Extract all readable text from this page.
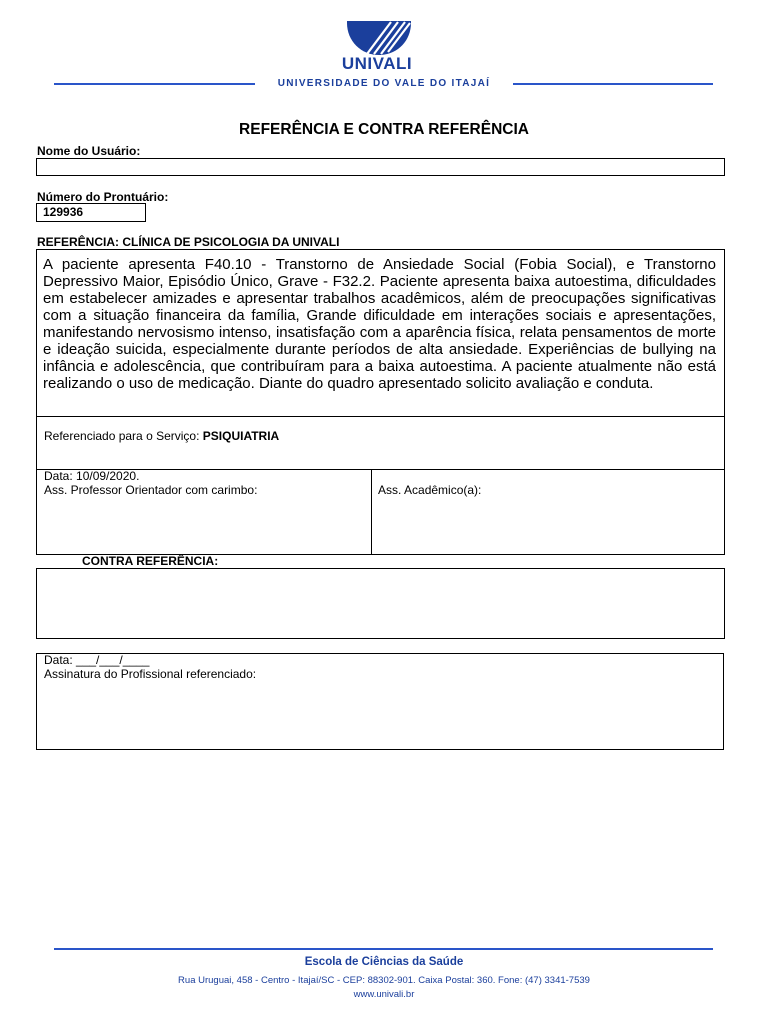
UNIVALI
UNIVERSIDADE DO VALE DO ITAJAÍ
REFERÊNCIA E CONTRA REFERÊNCIA
Nome do Usuário:
Número do Prontuário:
129936
REFERÊNCIA: CLÍNICA DE PSICOLOGIA DA UNIVALI
A paciente apresenta F40.10 - Transtorno de Ansiedade Social (Fobia Social), e Transtorno Depressivo Maior, Episódio Único, Grave - F32.2. Paciente apresenta baixa autoestima, dificuldades em estabelecer amizades e apresentar trabalhos acadêmicos, além de preocupações significativas com a situação financeira da família, Grande dificuldade em interações sociais e apresentações, manifestando nervosismo intenso, insatisfação com a aparência física, relata pensamentos de morte e ideação suicida, especialmente durante períodos de alta ansiedade. Experiências de bullying na infância e adolescência, que contribuíram para a baixa autoestima. A paciente atualmente não está realizando o uso de medicação. Diante do quadro apresentado solicito avaliação e conduta.
Referenciado para o Serviço: PSIQUIATRIA
Data: 10/09/2020.
Ass. Professor Orientador com carimbo:	Ass. Acadêmico(a):
CONTRA REFERÊNCIA:
Data: ___/___/____
Assinatura do Profissional referenciado:
Escola de Ciências da Saúde
Rua Uruguai, 458 - Centro - Itajaí/SC - CEP: 88302-901. Caixa Postal: 360. Fone: (47) 3341-7539
www.univali.br
